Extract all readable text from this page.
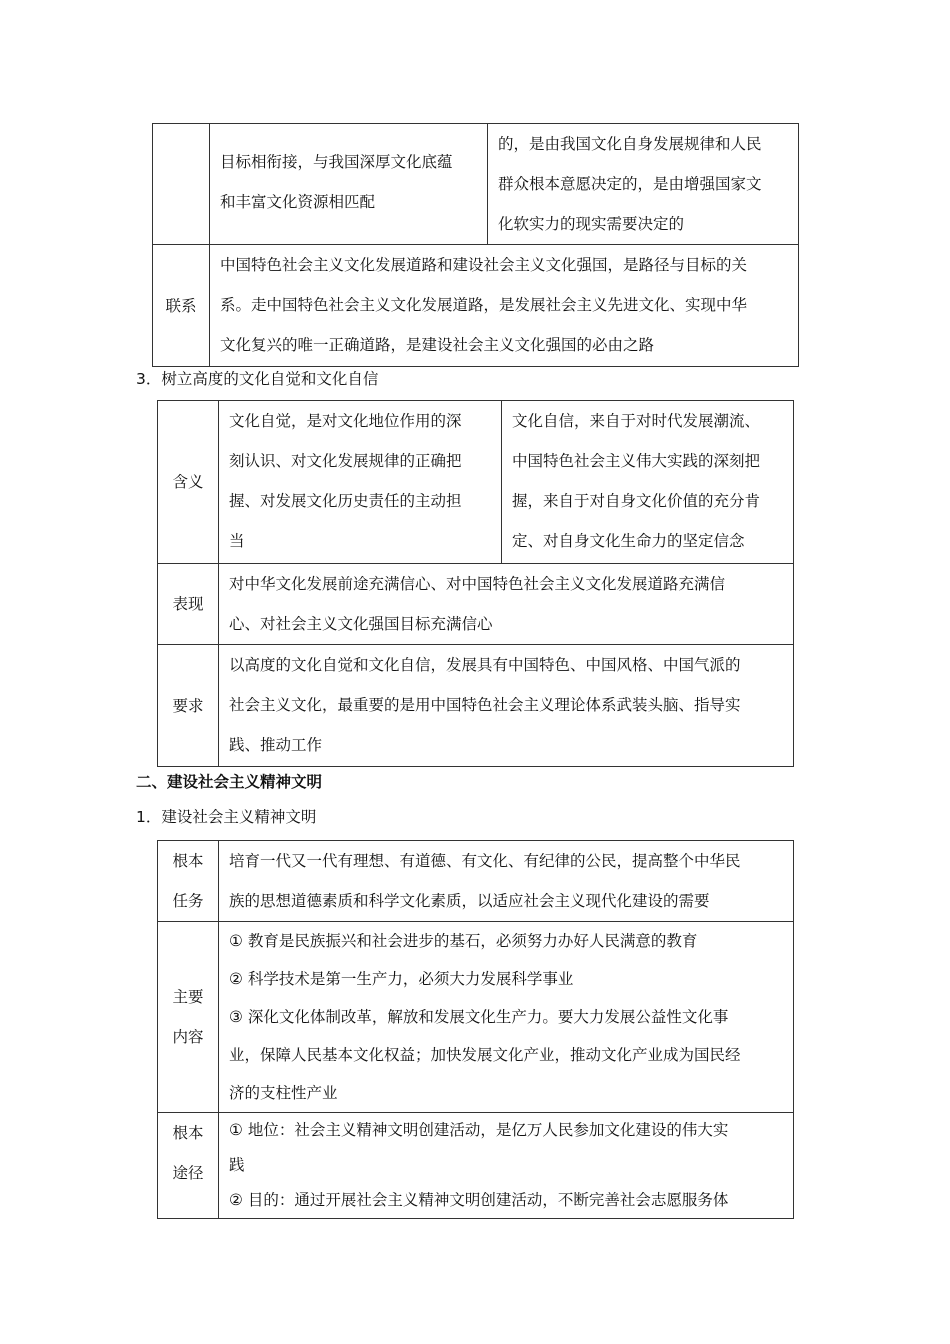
	目标相衔接，与我国深厚文化底蕴
和丰富文化资源相匹配	的，是由我国文化自身发展规律和人民
群众根本意愿决定的，是由增强国家文
化软实力的现实需要决定的

联系	中国特色社会主义文化发展道路和建设社会主义文化强国，是路径与目标的关
系。走中国特色社会主义文化发展道路，是发展社会主义先进文化、实现中华
文化复兴的唯一正确道路，是建设社会主义文化强国的必由之路	
3．树立高度的文化自觉和文化自信
含义	文化自觉，是对文化地位作用的深
刻认识、对文化发展规律的正确把
握、对发展文化历史责任的主动担
当	文化自信，来自于对时代发展潮流、
中国特色社会主义伟大实践的深刻把
握，来自于对自身文化价值的充分肯
定、对自身文化生命力的坚定信念

表现	对中华文化发展前途充满信心、对中国特色社会主义文化发展道路充满信
心、对社会主义文化强国目标充满信心	

要求	以高度的文化自觉和文化自信，发展具有中国特色、中国风格、中国气派的
社会主义文化，最重要的是用中国特色社会主义理论体系武装头脑、指导实
践、推动工作	
二、建设社会主义精神文明
1．建设社会主义精神文明
根本
任务	培育一代又一代有理想、有道德、有文化、有纪律的公民，提高整个中华民
族的思想道德素质和科学文化素质，以适应社会主义现代化建设的需要

主要
内容	① 教育是民族振兴和社会进步的基石，必须努力办好人民满意的教育
② 科学技术是第一生产力，必须大力发展科学事业
③ 深化文化体制改革，解放和发展文化生产力。要大力发展公益性文化事
业，保障人民基本文化权益；加快发展文化产业，推动文化产业成为国民经
济的支柱性产业

根本
途径	① 地位：社会主义精神文明创建活动，是亿万人民参加文化建设的伟大实
践
② 目的：通过开展社会主义精神文明创建活动，不断完善社会志愿服务体
